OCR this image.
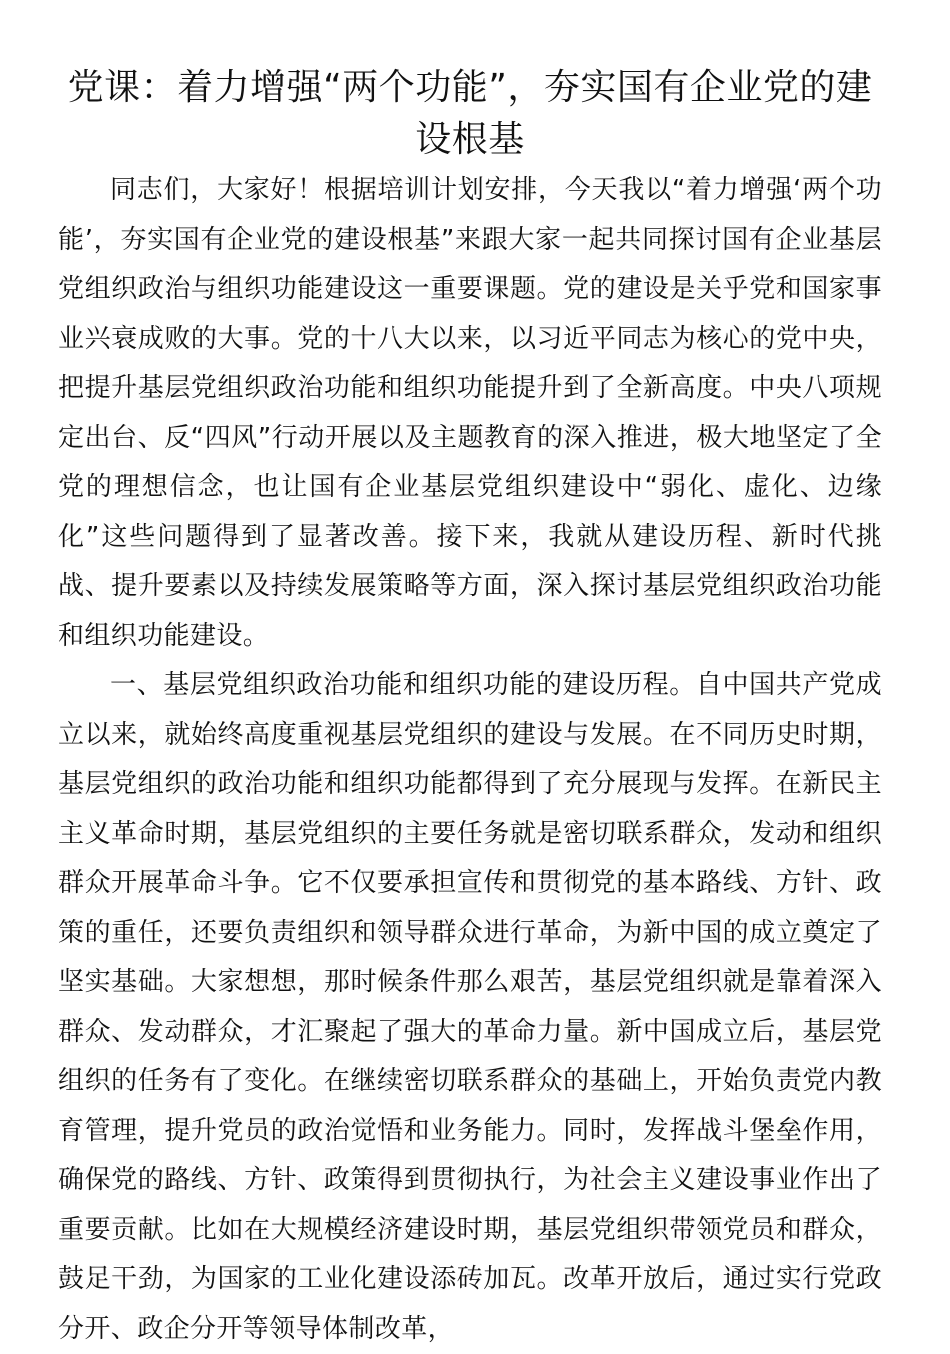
党课：着力增强“两个功能”，夯实国有企业党的建设根基

同志们，大家好！根据培训计划安排，今天我以“着力增强‘两个功能’，夯实国有企业党的建设根基”来跟大家一起共同探讨国有企业基层党组织政治与组织功能建设这一重要课题。党的建设是关乎党和国家事业兴衰成败的大事。党的十八大以来，以习近平同志为核心的党中央，把提升基层党组织政治功能和组织功能提升到了全新高度。中央八项规定出台、反“四风”行动开展以及主题教育的深入推进，极大地坚定了全党的理想信念，也让国有企业基层党组织建设中“弱化、虚化、边缘化”这些问题得到了显著改善。接下来，我就从建设历程、新时代挑战、提升要素以及持续发展策略等方面，深入探讨基层党组织政治功能和组织功能建设。

一、基层党组织政治功能和组织功能的建设历程。自中国共产党成立以来，就始终高度重视基层党组织的建设与发展。在不同历史时期，基层党组织的政治功能和组织功能都得到了充分展现与发挥。在新民主主义革命时期，基层党组织的主要任务就是密切联系群众，发动和组织群众开展革命斗争。它不仅要承担宣传和贯彻党的基本路线、方针、政策的重任，还要负责组织和领导群众进行革命，为新中国的成立奠定了坚实基础。大家想想，那时候条件那么艰苦，基层党组织就是靠着深入群众、发动群众，才汇聚起了强大的革命力量。新中国成立后，基层党组织的任务有了变化。在继续密切联系群众的基础上，开始负责党内教育管理，提升党员的政治觉悟和业务能力。同时，发挥战斗堡垒作用，确保党的路线、方针、政策得到贯彻执行，为社会主义建设事业作出了重要贡献。比如在大规模经济建设时期，基层党组织带领党员和群众，鼓足干劲，为国家的工业化建设添砖加瓦。改革开放后，通过实行党政分开、政企分开等领导体制改革，
